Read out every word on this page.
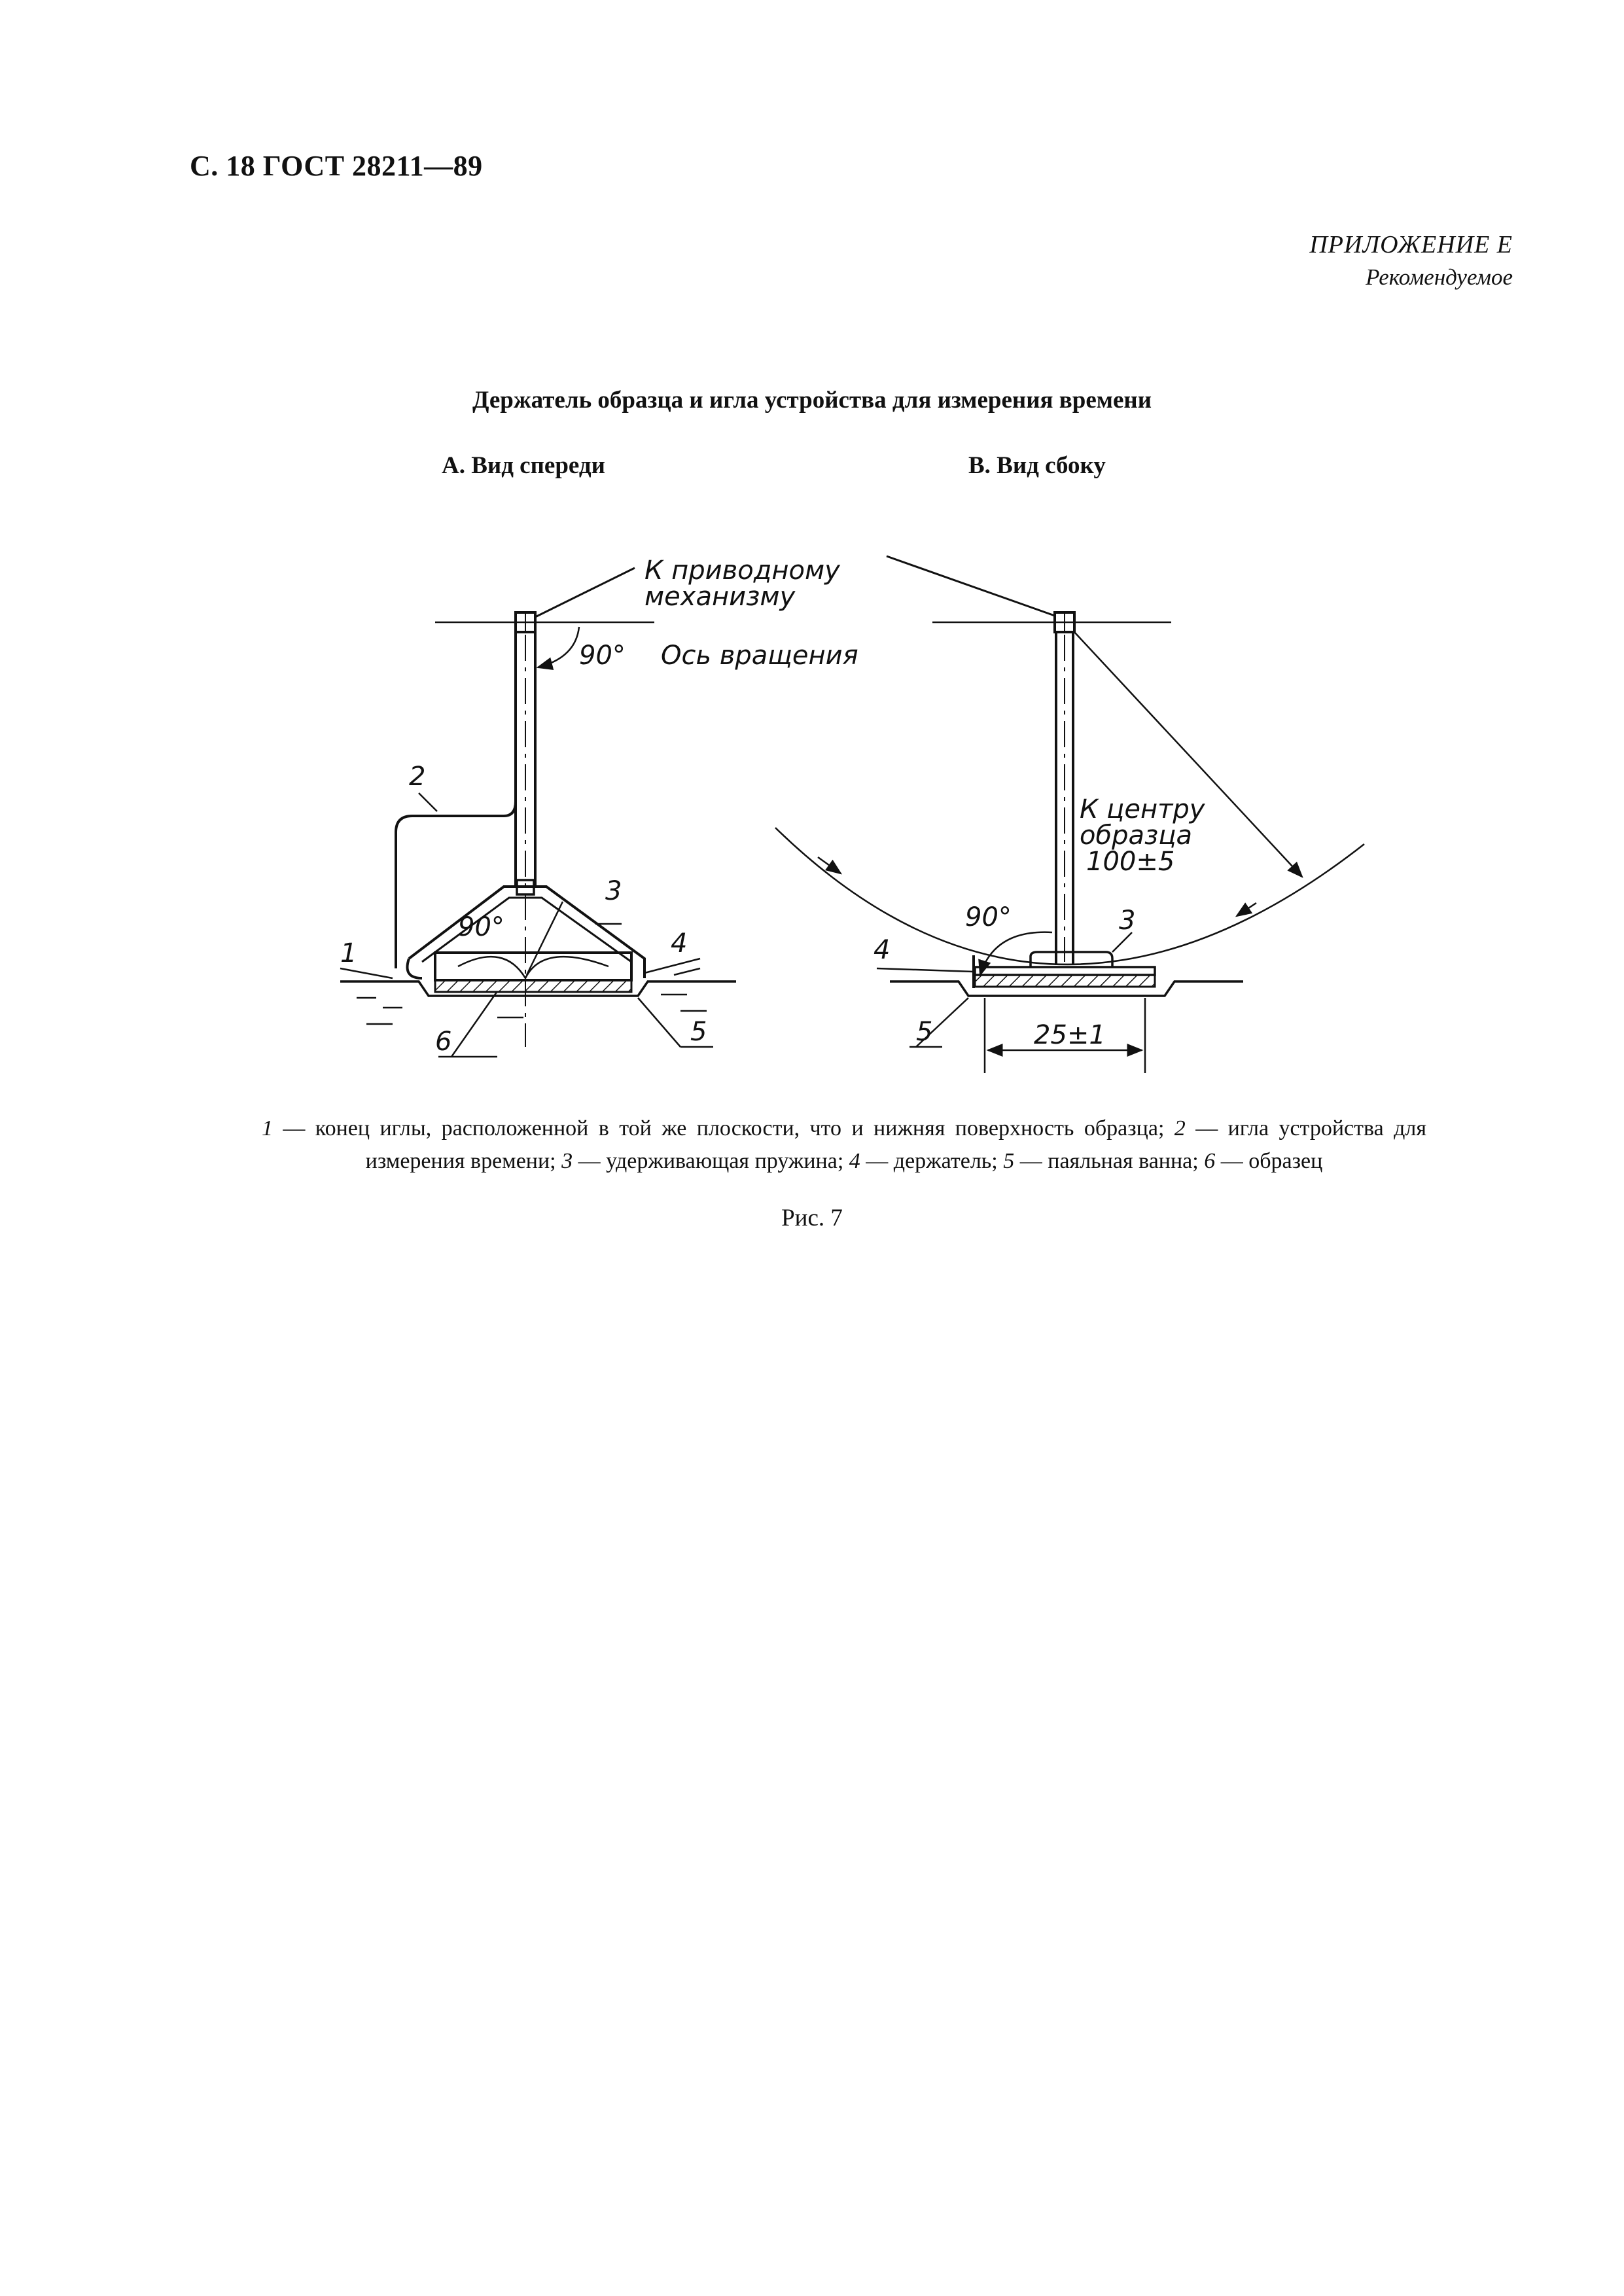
С. 18 ГОСТ 28211—89
ПРИЛОЖЕНИЕ Е
Рекомендуемое
Держатель образца и игла устройства для измерения времени
А. Вид спереди	В. Вид сбоку
К приводному
механизму
90° Ось вращения
90°
2
3
4
1
6	5
К центру
образца
100±5
90°	3
4
5	25±1
1 — конец иглы, расположенной в той же плоскости, что и нижняя поверхность образца; 2 — игла устройства для измерения времени; 3 — удерживающая пружина; 4 — держатель; 5 — паяльная ванна; 6 — образец
Рис. 7
